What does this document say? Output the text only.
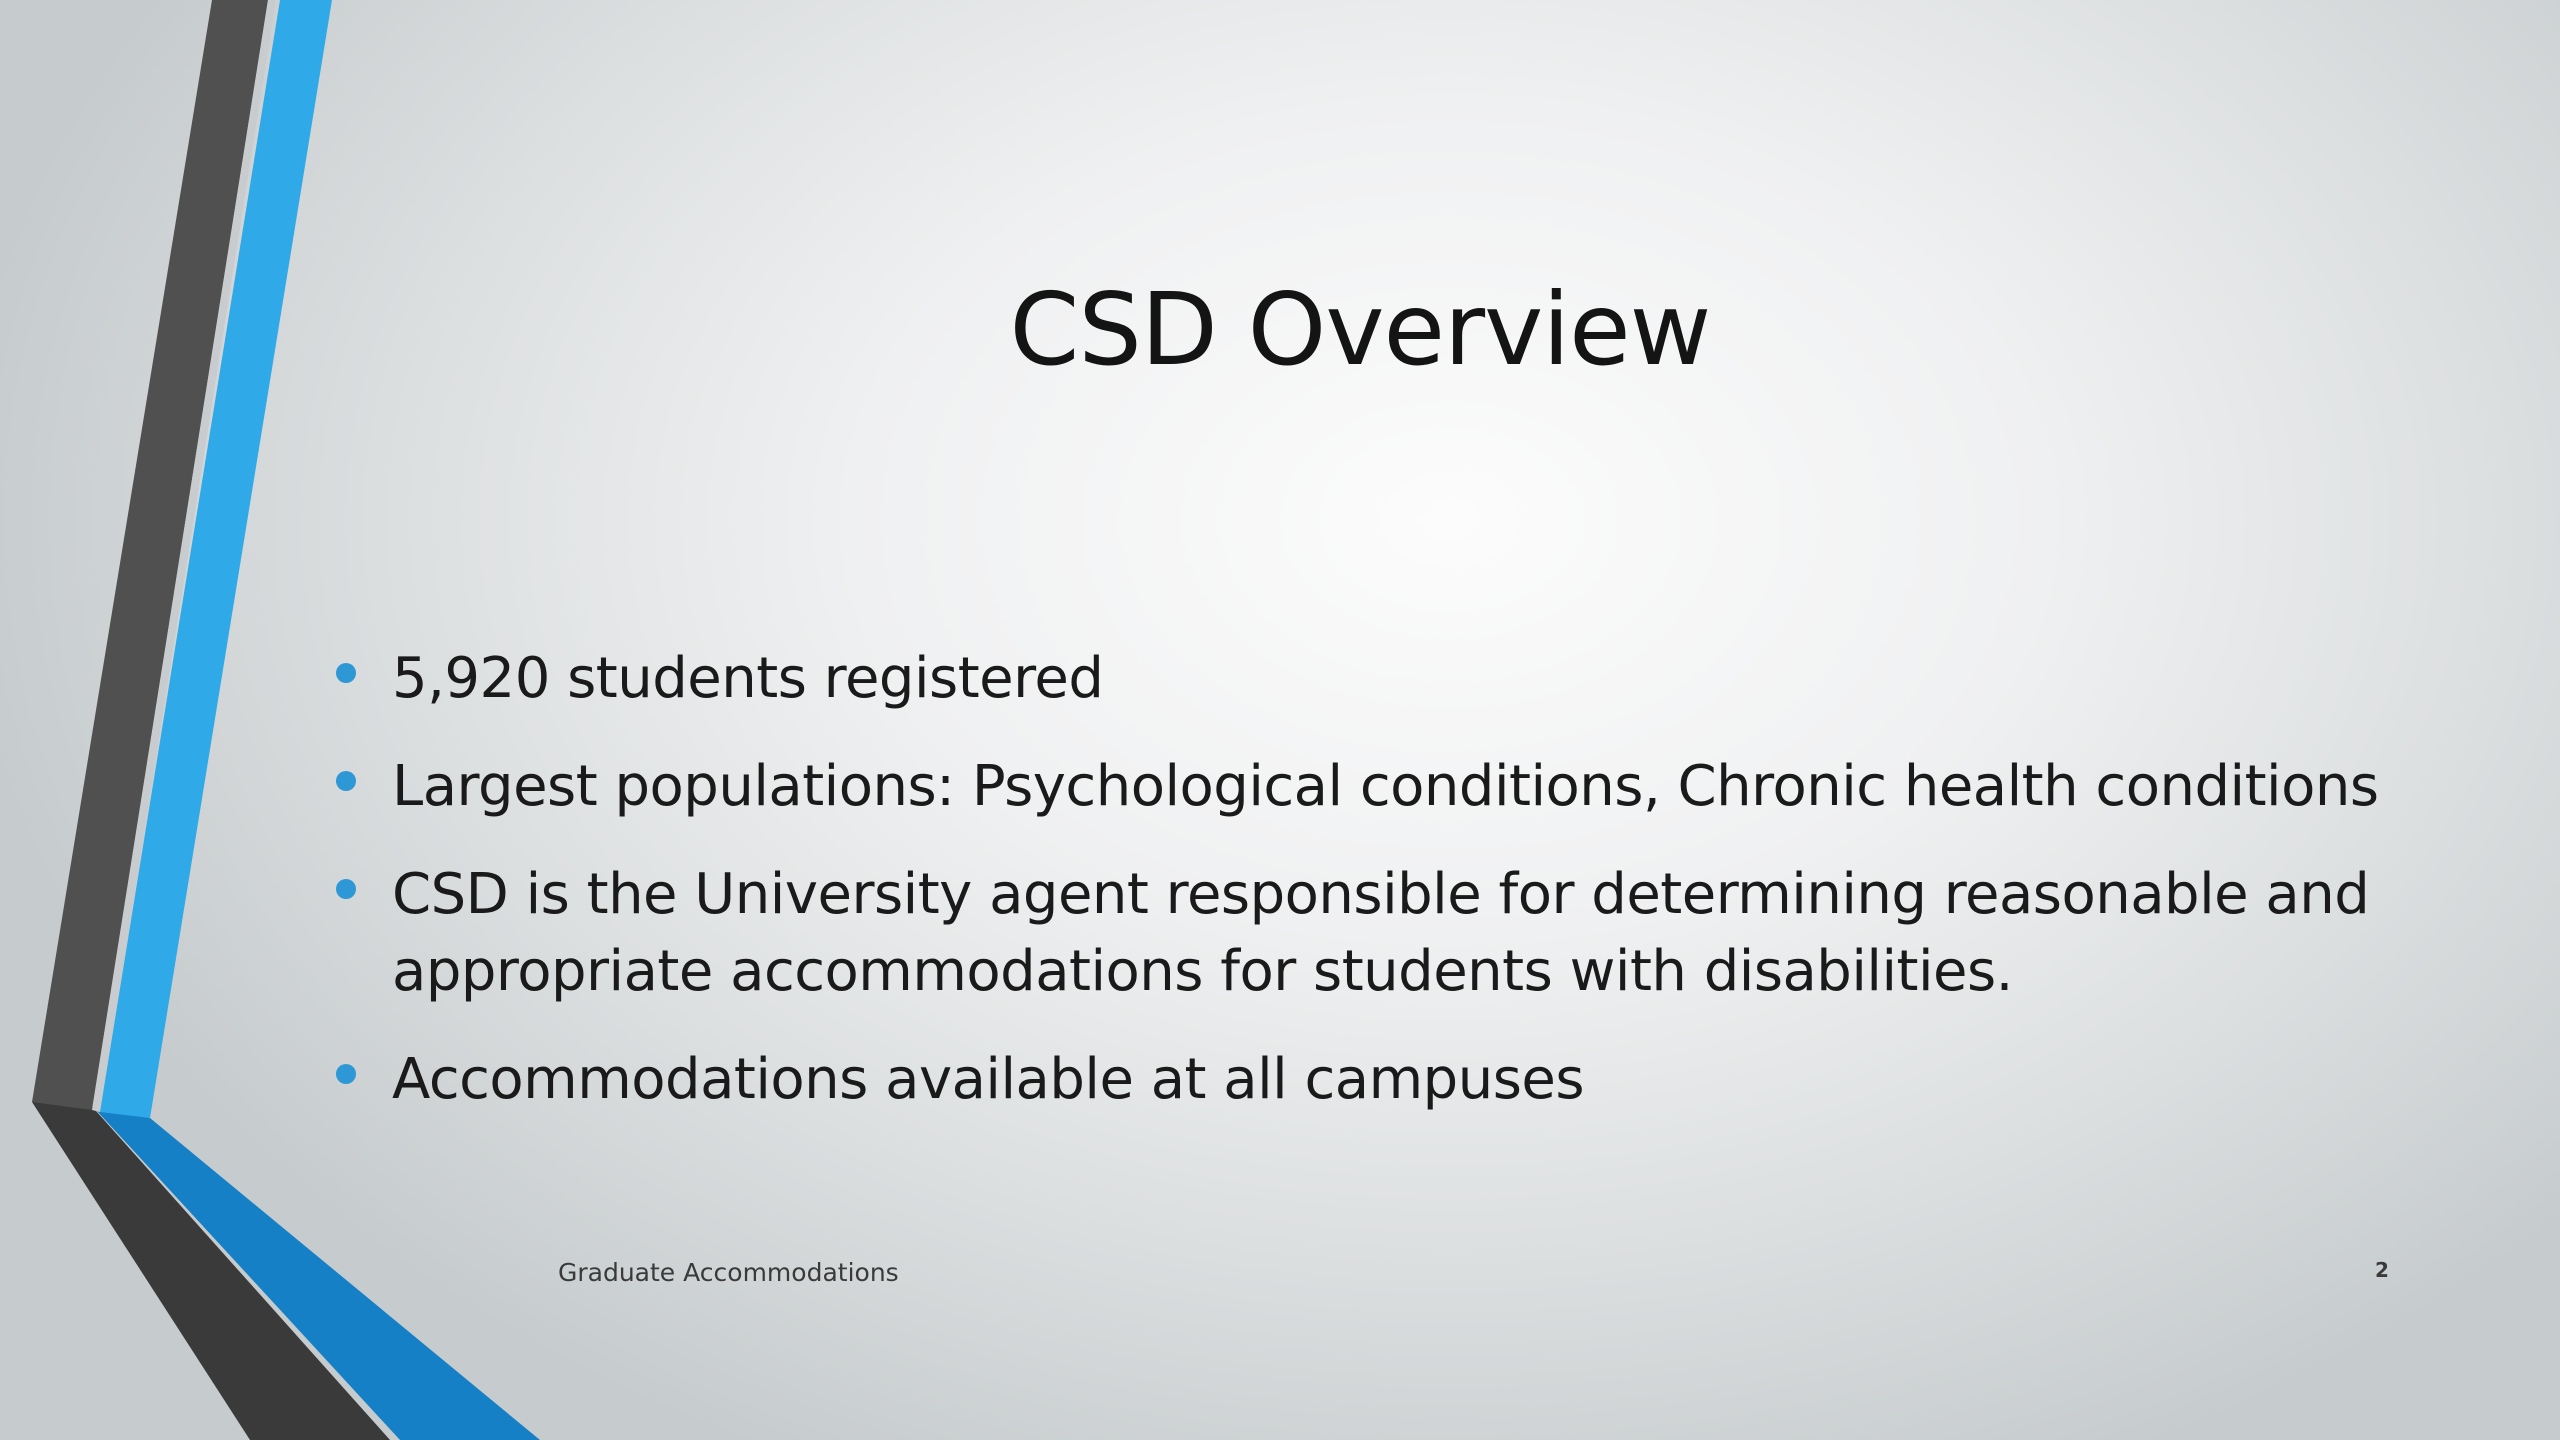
CSD Overview
5,920 students registered
Largest populations: Psychological conditions, Chronic health conditions
CSD is the University agent responsible for determining reasonable and appropriate accommodations for students with disabilities.
Accommodations available at all campuses
Graduate Accommodations	2
